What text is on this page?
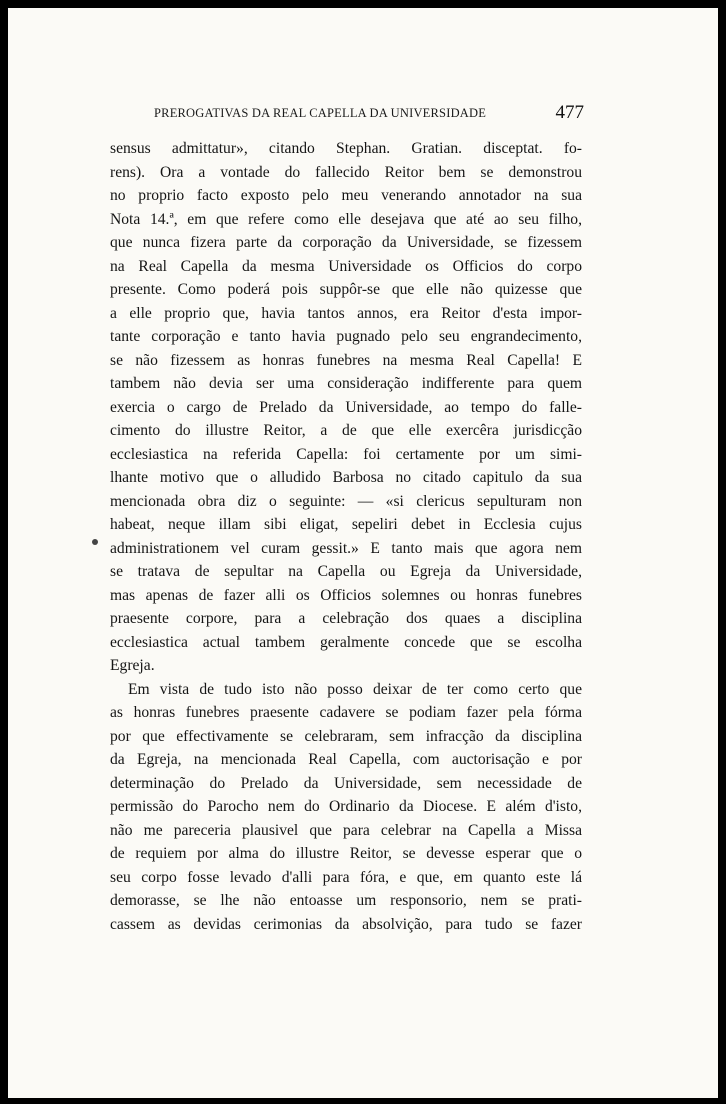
PREROGATIVAS DA REAL CAPELLA DA UNIVERSIDADE	477
sensus admittatur», citando Stephan. Gratian. disceptat. fo-
rens). Ora a vontade do fallecido Reitor bem se demonstrou
no proprio facto exposto pelo meu venerando annotador na sua
Nota 14.ª, em que refere como elle desejava que até ao seu filho,
que nunca fizera parte da corporação da Universidade, se fizessem
na Real Capella da mesma Universidade os Officios do corpo
presente. Como poderá pois suppôr-se que elle não quizesse que
a elle proprio que, havia tantos annos, era Reitor d'esta impor-
tante corporação e tanto havia pugnado pelo seu engrandecimento,
se não fizessem as honras funebres na mesma Real Capella! E
tambem não devia ser uma consideração indifferente para quem
exercia o cargo de Prelado da Universidade, ao tempo do falle-
cimento do illustre Reitor, a de que elle exercêra jurisdicção
ecclesiastica na referida Capella: foi certamente por um simi-
lhante motivo que o alludido Barbosa no citado capitulo da sua
mencionada obra diz o seguinte: — «si clericus sepulturam non
habeat, neque illam sibi eligat, sepeliri debet in Ecclesia cujus
administrationem vel curam gessit.» E tanto mais que agora nem
se tratava de sepultar na Capella ou Egreja da Universidade,
mas apenas de fazer alli os Officios solemnes ou honras funebres
praesente corpore, para a celebração dos quaes a disciplina
ecclesiastica actual tambem geralmente concede que se escolha
Egreja.
Em vista de tudo isto não posso deixar de ter como certo que
as honras funebres praesente cadavere se podiam fazer pela fórma
por que effectivamente se celebraram, sem infracção da disciplina
da Egreja, na mencionada Real Capella, com auctorisação e por
determinação do Prelado da Universidade, sem necessidade de
permissão do Parocho nem do Ordinario da Diocese. E além d'isto,
não me pareceria plausivel que para celebrar na Capella a Missa
de requiem por alma do illustre Reitor, se devesse esperar que o
seu corpo fosse levado d'alli para fóra, e que, em quanto este lá
demorasse, se lhe não entoasse um responsorio, nem se prati-
cassem as devidas cerimonias da absolvição, para tudo se fazer
